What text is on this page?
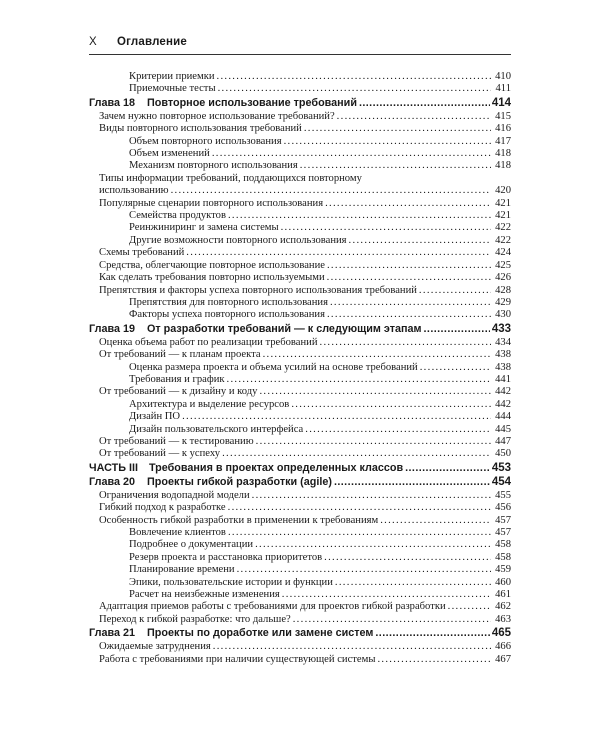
X Оглавление
Критерии приемки .....	410
Приемочные тесты .....	411
Глава 18 Повторное использование требований .....	414
Зачем нужно повторное использование требований? .....	415
Виды повторного использования требований .....	416
Объем повторного использования .....	417
Объем изменений .....	418
Механизм повторного использования .....	418
Типы информации требований, поддающихся повторному
использованию .....	420
Популярные сценарии повторного использования .....	421
Семейства продуктов .....	421
Реинжиниринг и замена системы .....	422
Другие возможности повторного использования .....	422
Схемы требований .....	424
Средства, облегчающие повторное использование .....	425
Как сделать требования повторно используемыми .....	426
Препятствия и факторы успеха повторного использования требований .....	428
Препятствия для повторного использования .....	429
Факторы успеха повторного использования .....	430
Глава 19 От разработки требований — к следующим этапам .....	433
Оценка объема работ по реализации требований .....	434
От требований — к планам проекта .....	438
Оценка размера проекта и объема усилий на основе требований .....	438
Требования и график .....	441
От требований — к дизайну и коду .....	442
Архитектура и выделение ресурсов .....	442
Дизайн ПО .....	444
Дизайн пользовательского интерфейса .....	445
От требований — к тестированию .....	447
От требований — к успеху .....	450
ЧАСТЬ III Требования в проектах определенных классов .....	453
Глава 20 Проекты гибкой разработки (agile) .....	454
Ограничения водопадной модели .....	455
Гибкий подход к разработке .....	456
Особенность гибкой разработки в применении к требованиям .....	457
Вовлечение клиентов .....	457
Подробнее о документации .....	458
Резерв проекта и расстановка приоритетов .....	458
Планирование времени .....	459
Эпики, пользовательские истории и функции .....	460
Расчет на неизбежные изменения .....	461
Адаптация приемов работы с требованиями для проектов гибкой разработки .....	462
Переход к гибкой разработке: что дальше? .....	463
Глава 21 Проекты по доработке или замене систем .....	465
Ожидаемые затруднения .....	466
Работа с требованиями при наличии существующей системы .....	467
